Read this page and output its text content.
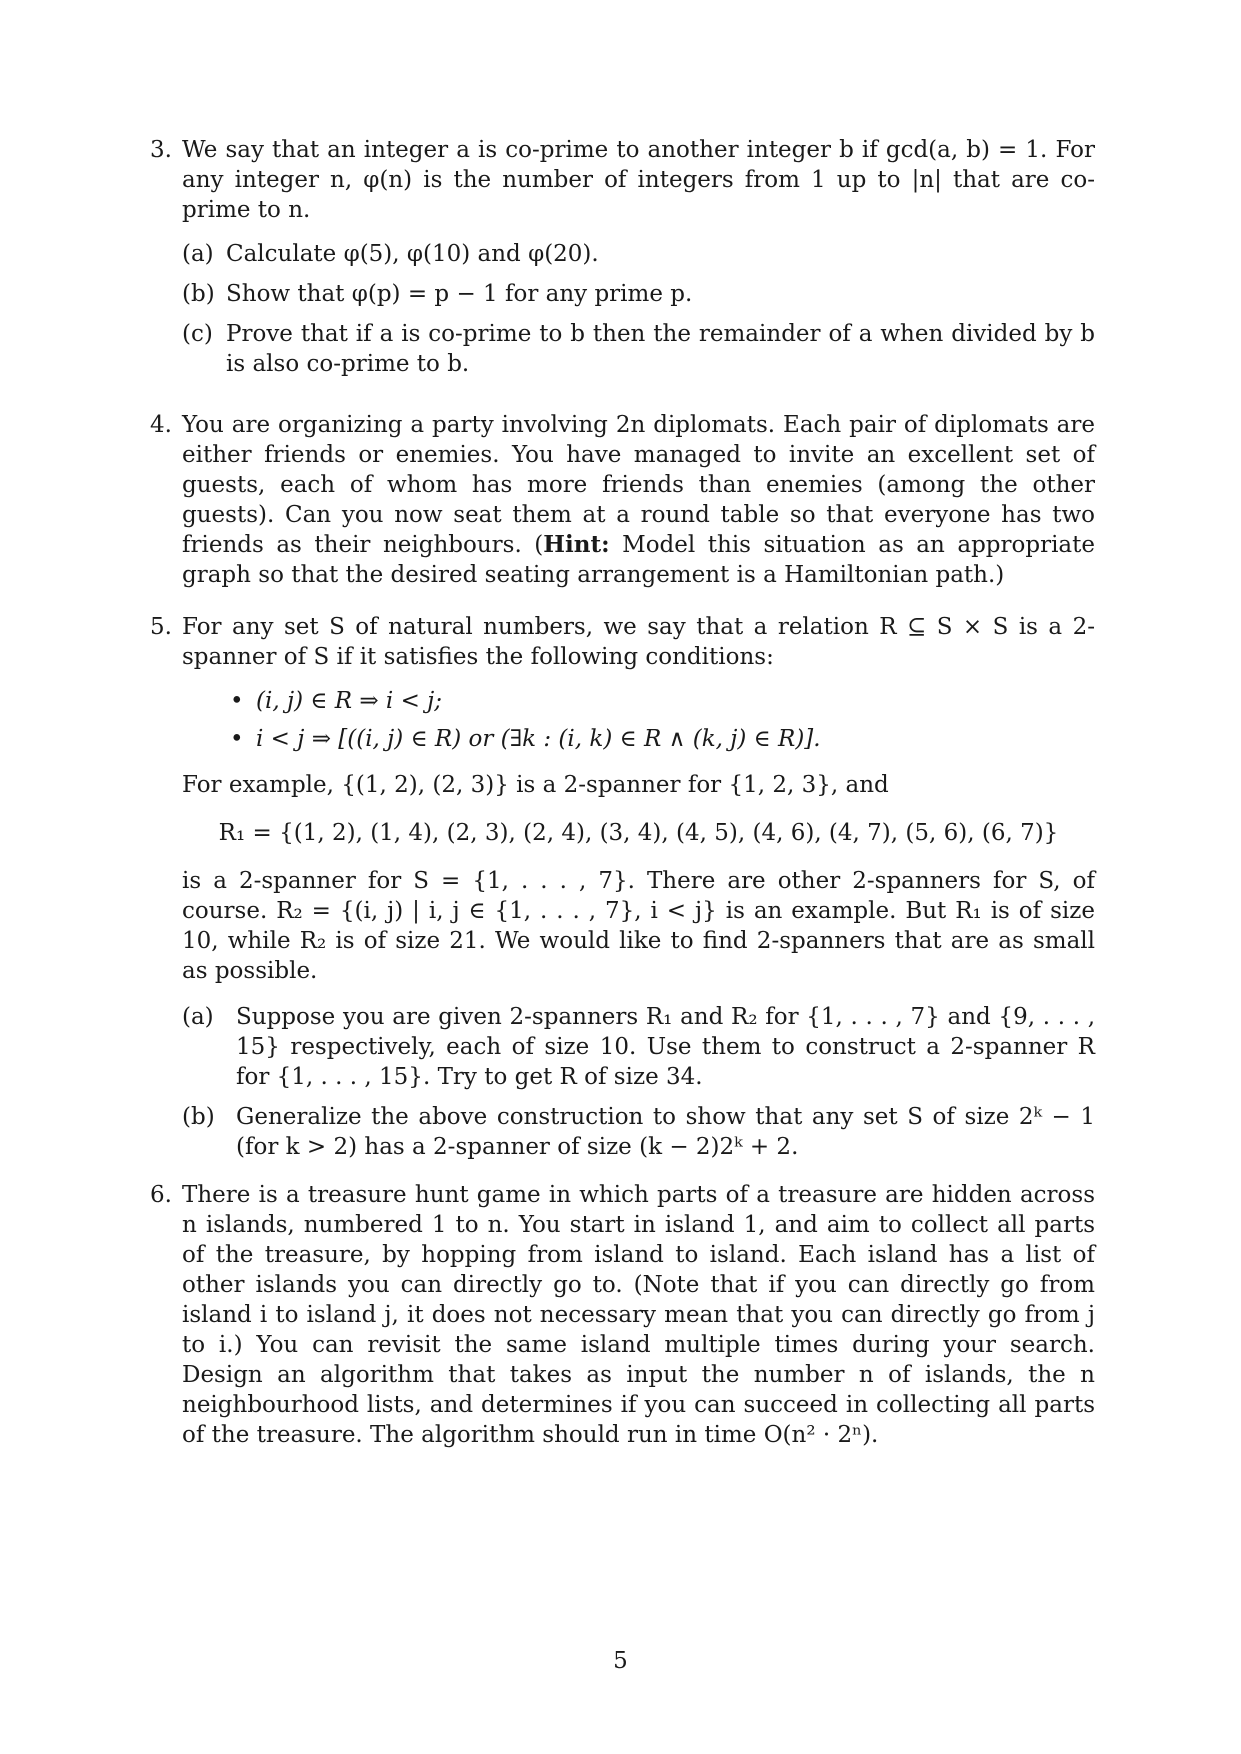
3. We say that an integer a is co-prime to another integer b if gcd(a, b) = 1. For any integer n, φ(n) is the number of integers from 1 up to |n| that are co-prime to n.
(a) Calculate φ(5), φ(10) and φ(20).
(b) Show that φ(p) = p − 1 for any prime p.
(c) Prove that if a is co-prime to b then the remainder of a when divided by b is also co-prime to b.
4. You are organizing a party involving 2n diplomats. Each pair of diplomats are either friends or enemies. You have managed to invite an excellent set of guests, each of whom has more friends than enemies (among the other guests). Can you now seat them at a round table so that everyone has two friends as their neighbours. (Hint: Model this situation as an appropriate graph so that the desired seating arrangement is a Hamiltonian path.)
5. For any set S of natural numbers, we say that a relation R ⊆ S × S is a 2-spanner of S if it satisfies the following conditions:
• (i, j) ∈ R ⇒ i < j;
• i < j ⇒ [((i, j) ∈ R) or (∃k : (i, k) ∈ R ∧ (k, j) ∈ R)].
For example, {(1, 2), (2, 3)} is a 2-spanner for {1, 2, 3}, and
R₁ = {(1, 2), (1, 4), (2, 3), (2, 4), (3, 4), (4, 5), (4, 6), (4, 7), (5, 6), (6, 7)}
is a 2-spanner for S = {1, . . . , 7}. There are other 2-spanners for S, of course. R₂ = {(i, j) | i, j ∈ {1, . . . , 7}, i < j} is an example. But R₁ is of size 10, while R₂ is of size 21. We would like to find 2-spanners that are as small as possible.
(a) Suppose you are given 2-spanners R₁ and R₂ for {1, . . . , 7} and {9, . . . , 15} respectively, each of size 10. Use them to construct a 2-spanner R for {1, . . . , 15}. Try to get R of size 34.
(b) Generalize the above construction to show that any set S of size 2ᵏ − 1 (for k > 2) has a 2-spanner of size (k − 2)2ᵏ + 2.
6. There is a treasure hunt game in which parts of a treasure are hidden across n islands, numbered 1 to n. You start in island 1, and aim to collect all parts of the treasure, by hopping from island to island. Each island has a list of other islands you can directly go to. (Note that if you can directly go from island i to island j, it does not necessary mean that you can directly go from j to i.) You can revisit the same island multiple times during your search. Design an algorithm that takes as input the number n of islands, the n neighbourhood lists, and determines if you can succeed in collecting all parts of the treasure. The algorithm should run in time O(n² · 2ⁿ).
5
